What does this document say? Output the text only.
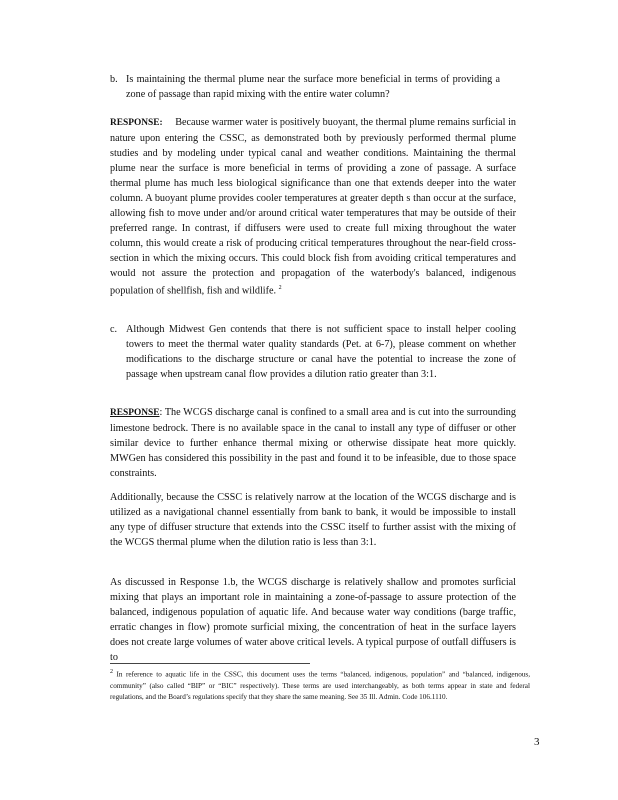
b. Is maintaining the thermal plume near the surface more beneficial in terms of providing a zone of passage than rapid mixing with the entire water column?
RESPONSE: Because warmer water is positively buoyant, the thermal plume remains surficial in nature upon entering the CSSC, as demonstrated both by previously performed thermal plume studies and by modeling under typical canal and weather conditions. Maintaining the thermal plume near the surface is more beneficial in terms of providing a zone of passage. A surface thermal plume has much less biological significance than one that extends deeper into the water column. A buoyant plume provides cooler temperatures at greater depth s than occur at the surface, allowing fish to move under and/or around critical water temperatures that may be outside of their preferred range. In contrast, if diffusers were used to create full mixing throughout the water column, this would create a risk of producing critical temperatures throughout the near-field cross-section in which the mixing occurs. This could block fish from avoiding critical temperatures and would not assure the protection and propagation of the waterbody's balanced, indigenous population of shellfish, fish and wildlife. $^2$
c. Although Midwest Gen contends that there is not sufficient space to install helper cooling towers to meet the thermal water quality standards (Pet. at 6-7), please comment on whether modifications to the discharge structure or canal have the potential to increase the zone of passage when upstream canal flow provides a dilution ratio greater than 3:1.
RESPONSE: The WCGS discharge canal is confined to a small area and is cut into the surrounding limestone bedrock. There is no available space in the canal to install any type of diffuser or other similar device to further enhance thermal mixing or otherwise dissipate heat more quickly. MWGen has considered this possibility in the past and found it to be infeasible, due to those space constraints.
Additionally, because the CSSC is relatively narrow at the location of the WCGS discharge and is utilized as a navigational channel essentially from bank to bank, it would be impossible to install any type of diffuser structure that extends into the CSSC itself to further assist with the mixing of the WCGS thermal plume when the dilution ratio is less than 3:1.
As discussed in Response 1.b, the WCGS discharge is relatively shallow and promotes surficial mixing that plays an important role in maintaining a zone-of-passage to assure protection of the balanced, indigenous population of aquatic life. And because water way conditions (barge traffic, erratic changes in flow) promote surficial mixing, the concentration of heat in the surface layers does not create large volumes of water above critical levels. A typical purpose of outfall diffusers is to
$^2$ In reference to aquatic life in the CSSC, this document uses the terms “balanced, indigenous, population” and “balanced, indigenous, community” (also called “BIP” or “BIC” respectively). These terms are used interchangeably, as both terms appear in state and federal regulations, and the Board’s regulations specify that they share the same meaning. See 35 Ill. Admin. Code 106.1110.
3
